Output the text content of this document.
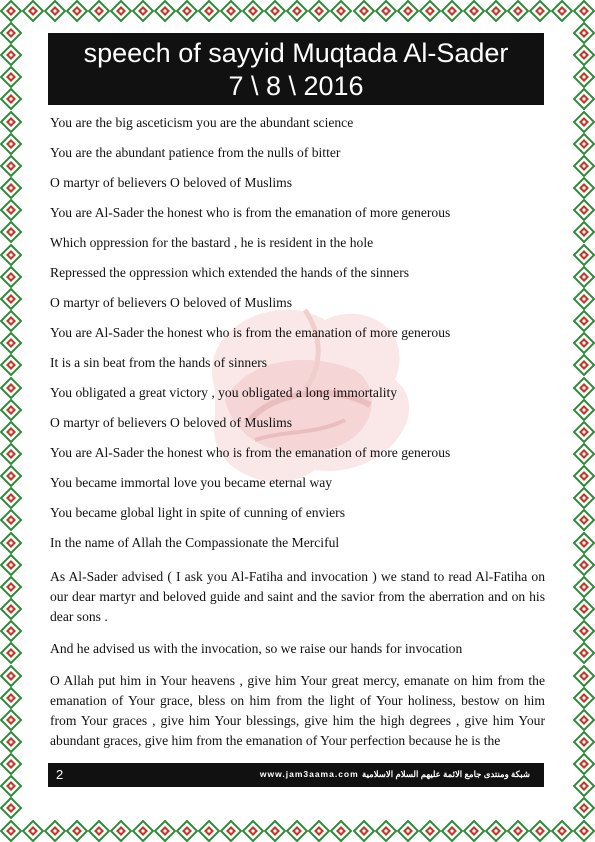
speech of sayyid Muqtada Al-Sader
7 \ 8 \ 2016
You are the big asceticism you are the abundant science
You are the abundant patience from the nulls of bitter
O martyr of believers O beloved of Muslims
You are Al-Sader the honest who is from the emanation of more generous
Which oppression for the bastard , he is resident in the hole
Repressed the oppression which extended the hands of the sinners
O martyr of believers O beloved of Muslims
You are Al-Sader the honest who is from the emanation of more generous
It is a sin beat from the hands of sinners
You obligated a great victory , you obligated a long immortality
O martyr of believers O beloved of Muslims
You are Al-Sader the honest who is from the emanation of more generous
You became immortal love you became eternal way
You became global light in spite of cunning of enviers
In the name of Allah the Compassionate the Merciful
As Al-Sader advised ( I ask you Al-Fatiha and invocation ) we stand to read Al-Fatiha on our dear martyr and beloved guide and saint and the savior from the aberration and on his dear sons .
And he advised us with the invocation, so we raise our hands for invocation
O Allah put him in Your heavens , give him Your great mercy, emanate on him from the emanation of Your grace, bless on him from the light of Your holiness, bestow on him from Your graces , give him Your blessings, give him the high degrees , give him Your abundant graces, give him from the emanation of Your perfection because he is the
2	www.jam3aama.com شبكة ومنتدى جامع الائمة عليهم السلام الاسلامية
